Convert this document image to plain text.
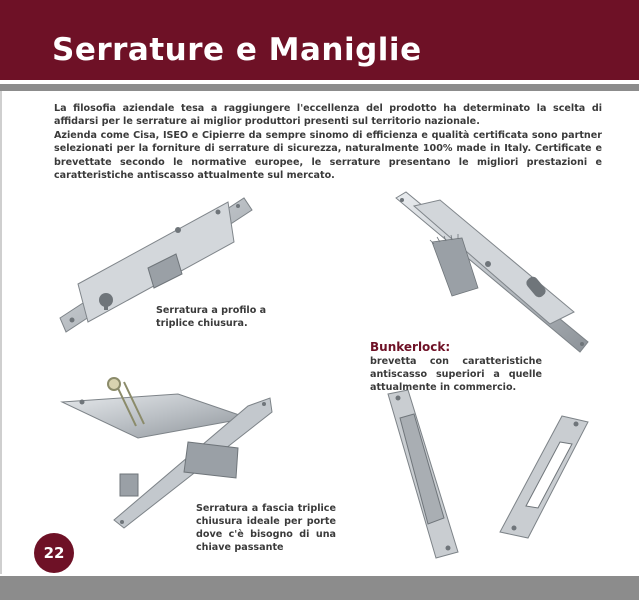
Serrature e Maniglie

La filosofia aziendale tesa a raggiungere l'eccellenza del prodotto ha determinato la scelta di affidarsi per le serrature ai miglior produttori presenti sul territorio nazionale.

Azienda come Cisa, ISEO e Cipierre da sempre sinomo di efficienza e qualità certificata sono partner selezionati per la forniture di serrature di sicurezza, naturalmente 100% made in Italy. Certificate e brevettate secondo le normative europee, le serrature presentano le migliori prestazioni e caratteristiche antiscasso attualmente sul mercato.

Serratura a profilo a triplice chiusura.
Bunkerlock:
brevetta con caratteristiche antiscasso superiori a quelle attualmente in commercio.
Serratura a fascia triplice chiusura ideale per porte dove c'è bisogno di una chiave passante
22
